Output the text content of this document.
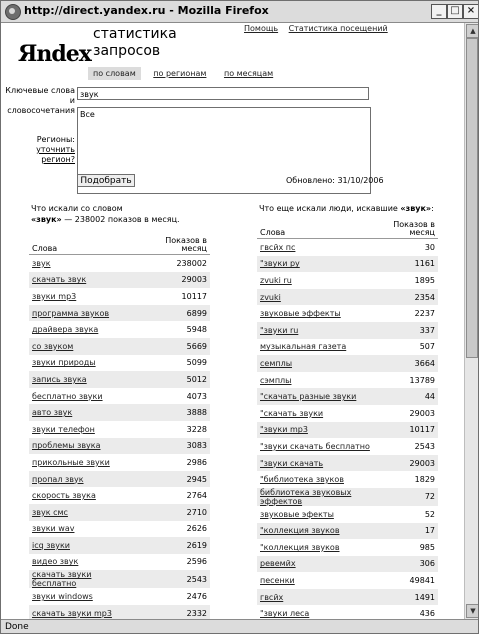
http://direct.yandex.ru - Mozilla Firefox	_ □ ×
Яndex
статистика запросов
Помощь Статистика посещений
по словам по регионам по месяцам
Ключевые слова и словосочетания
звук
Регионы:
уточнить регион?
Все
Подобрать	Обновлено: 31/10/2006
Что искали со словом
«звук» — 238002 показов в месяц.
Что еще искали люди, искавшие «звук»:
Слова	Показов в месяц
звук	238002
скачать звук	29003
звуки mp3	10117
программа звуков	6899
драйвера звука	5948
со звуком	5669
звуки природы	5099
запись звука	5012
бесплатно звуки	4073
авто звук	3888
звуки телефон	3228
проблемы звука	3083
прикольные звуки	2986
пропал звук	2945
скорость звука	2764
звук смс	2710
звуки wav	2626
icq звуки	2619
видео звук	2596
скачать звуки бесплатно	2543
звуки windows	2476
скачать звуки mp3	2332
Слова	Показов в месяц
гвсйх пс	30
"звуки ру	1161
zvuki ru	1895
zvuki	2354
звуковые эффекты	2237
"звуки ru	337
музыкальная газета	507
семплы	3664
сэмплы	13789
"скачать разные звуки	44
"скачать звуки	29003
"звуки mp3	10117
"звуки скачать бесплатно	2543
"звуки скачать	29003
"библиотека звуков	1829
библиотека звуковых эффектов	72
звуковые эфекты	52
"коллекция звуков	17
"коллекция звуков	985
ревемйх	306
песенки	49841
гвсйх	1491
"звуки леса	436
▲
▼
Done
